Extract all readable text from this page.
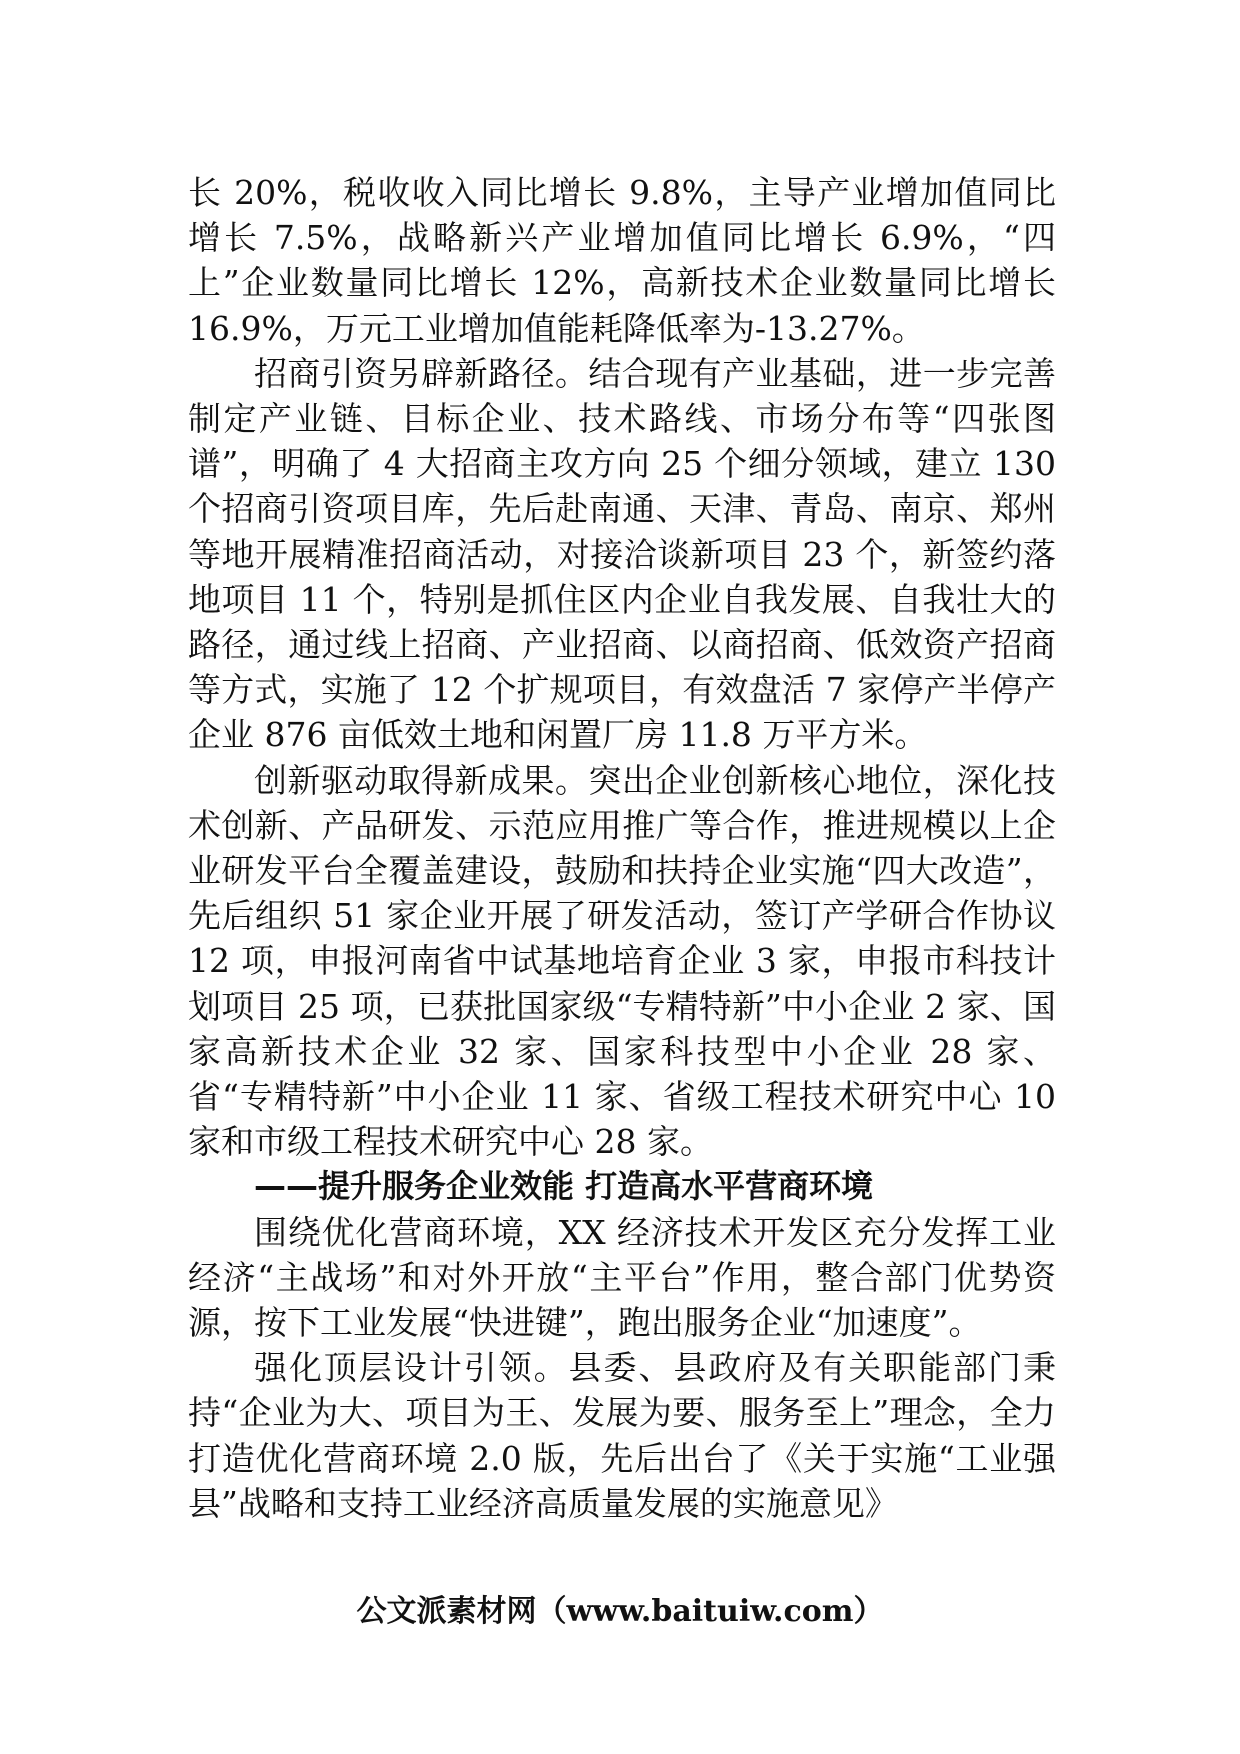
长 20%，税收收入同比增长 9.8%，主导产业增加值同比增长 7.5%，战略新兴产业增加值同比增长 6.9%，“四上”企业数量同比增长 12%，高新技术企业数量同比增长 16.9%，万元工业增加值能耗降低率为-13.27%。

招商引资另辟新路径。结合现有产业基础，进一步完善制定产业链、目标企业、技术路线、市场分布等“四张图谱”，明确了 4 大招商主攻方向 25 个细分领域，建立 130 个招商引资项目库，先后赴南通、天津、青岛、南京、郑州等地开展精准招商活动，对接洽谈新项目 23 个，新签约落地项目 11 个，特别是抓住区内企业自我发展、自我壮大的路径，通过线上招商、产业招商、以商招商、低效资产招商等方式，实施了 12 个扩规项目，有效盘活 7 家停产半停产企业 876 亩低效土地和闲置厂房 11.8 万平方米。

创新驱动取得新成果。突出企业创新核心地位，深化技术创新、产品研发、示范应用推广等合作，推进规模以上企业研发平台全覆盖建设，鼓励和扶持企业实施“四大改造”，先后组织 51 家企业开展了研发活动，签订产学研合作协议 12 项，申报河南省中试基地培育企业 3 家，申报市科技计划项目 25 项，已获批国家级“专精特新”中小企业 2 家、国家高新技术企业 32 家、国家科技型中小企业 28 家、省“专精特新”中小企业 11 家、省级工程技术研究中心 10 家和市级工程技术研究中心 28 家。

——提升服务企业效能 打造高水平营商环境

围绕优化营商环境，XX 经济技术开发区充分发挥工业经济“主战场”和对外开放“主平台”作用，整合部门优势资源，按下工业发展“快进键”，跑出服务企业“加速度”。

强化顶层设计引领。县委、县政府及有关职能部门秉持“企业为大、项目为王、发展为要、服务至上”理念，全力打造优化营商环境 2.0 版，先后出台了《关于实施“工业强县”战略和支持工业经济高质量发展的实施意见》

公文派素材网（www.baituiw.com）
